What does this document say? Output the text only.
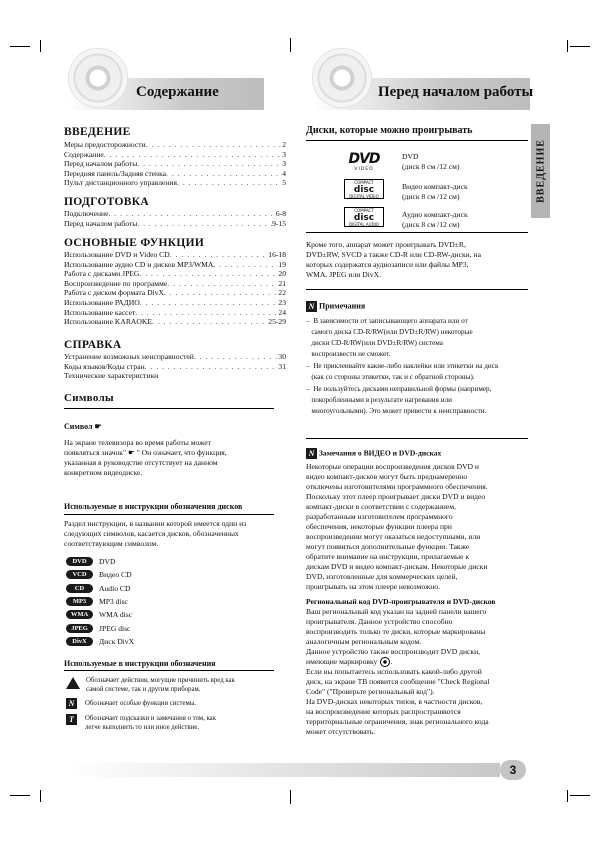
Содержание	Перед началом работы
ВВЕДЕНИЕ
Меры предосторожности . . .	2
Содержание . . .	3
Перед началом работы . . .	3
Передняя панель/Задняя стенка . . .	4
Пульт дистанционного управления . . .	5
ПОДГОТОВКА
Подключение . . .	6-8
Перед началом работы . . .	9-15
ОСНОВНЫЕ ФУНКЦИИ
Использование DVD и Video CD . . .	16-18
Использование аудио CD и дисков MP3/WMA . . .	19
Работа с дисками JPEG . . .	20
Воспроизведение по программе . . .	21
Работа с диском формата DivX . . .	22
Использование РАДИО . . .	23
Использование кассет . . .	24
Использование KARAOKE . . .	25-29
СПРАВКА
Устранение возможных неисправностей . . .	30
Коды языков/Коды стран . . .	31
Технические характеристики
Символы
Символ ☛
На экране телевизора во время работы может
появляться значок" ☛ " Он означает, что функция,
указанная в руководстве отсутствует на данном
конкретном видеодиске.
Используемые в инструкции обозначения дисков
Раздел инструкции, в названии которой имеется один из
следующих символов, касается дисков, обозначенных
соответствующим символом.
DVD	DVD
VCD	Видео CD
CD	Audio CD
MP3	MP3 disc
WMA	WMA disc
JPEG	JPEG disc
DivX	Диск DivX
Используемые в инструкции обозначения
Обозначает действия, могущие причинить вред как
самой системе, так и другим приборам.
N	Обозначает особые функции системы.
T	Обозначает подсказки и замечания о том, как
легче выполнить то или иное действие.
ВВЕДЕНИЕ
Диски, которые можно проигрывать
DVD
VIDEO
DVD
(диск 8 см /12 см)
COMPACT
disc
DIGITAL VIDEO
Видео компакт-диск
(диск 8 см /12 см)
COMPACT
disc
DIGITAL AUDIO
Аудио компакт-диск
(диск 8 см /12 см)
Кроме того, аппарат может проигрывать DVD±R,
DVD±RW, SVCD а также CD-R или CD-RW-диски, на
которых содержатся аудиозаписи или файлы MP3,
WMA, JPEG или DivX.
N Примечания
–  В зависимости от записывающего аппарата или от
самого диска CD-R/RW(или DVD±R/RW) некоторые
диски CD-R/RW(или DVD±R/RW) система
воспроизвести не сможет.
–  Не приклеивайте какие-либо наклейки или этикетки на диск
(как со стороны этикетки, так и с обратной стороны).
–  Не пользуйтесь дисками неправильной формы (например,
покоробленными в результате нагревания или
многоугольными). Это может привести к неисправности.
N Замечания о ВИДЕО и DVD-дисках
Некоторые операции воспроизведения дисков DVD и
видео компакт-дисков могут быть преднамеренно
отключены изготовителями программного обеспечения.
Поскольку этот плеер проигрывает диски DVD и видео
компакт-диски в соответствии с содержанием,
разработанным изготовителем программного
обеспечения, некоторые функции плеера при
воспроизведении могут оказаться недоступными, или
могут появиться дополнительные функции. Также
обратите внимание на инструкции, прилагаемые к
дискам DVD и видео компакт-дискам. Некоторые диски
DVD, изготовленные для коммерческих целей,
проигрывать на этом плеере невозможно.
Региональный код DVD-проигрывателя и DVD-дисков
Ваш региональный код указан на задней панели вашего
проигрывателя. Данное устройство способно
воспроизводить только те диски, которые маркированы
аналогичным региональным кодом.
Данное устройство также воспроизводит DVD диски,
имеющие маркировку .
Если вы попытаетесь использовать какой-либо другой
диск, на экране ТВ появится сообщение "Check Regional
Code" ("Проверьте региональный код").
На DVD-дисках некоторых типов, в частности дисков,
на воспроизведение которых распространяются
территориальные ограничения, знак регионального кода
может отсутствовать.
3
